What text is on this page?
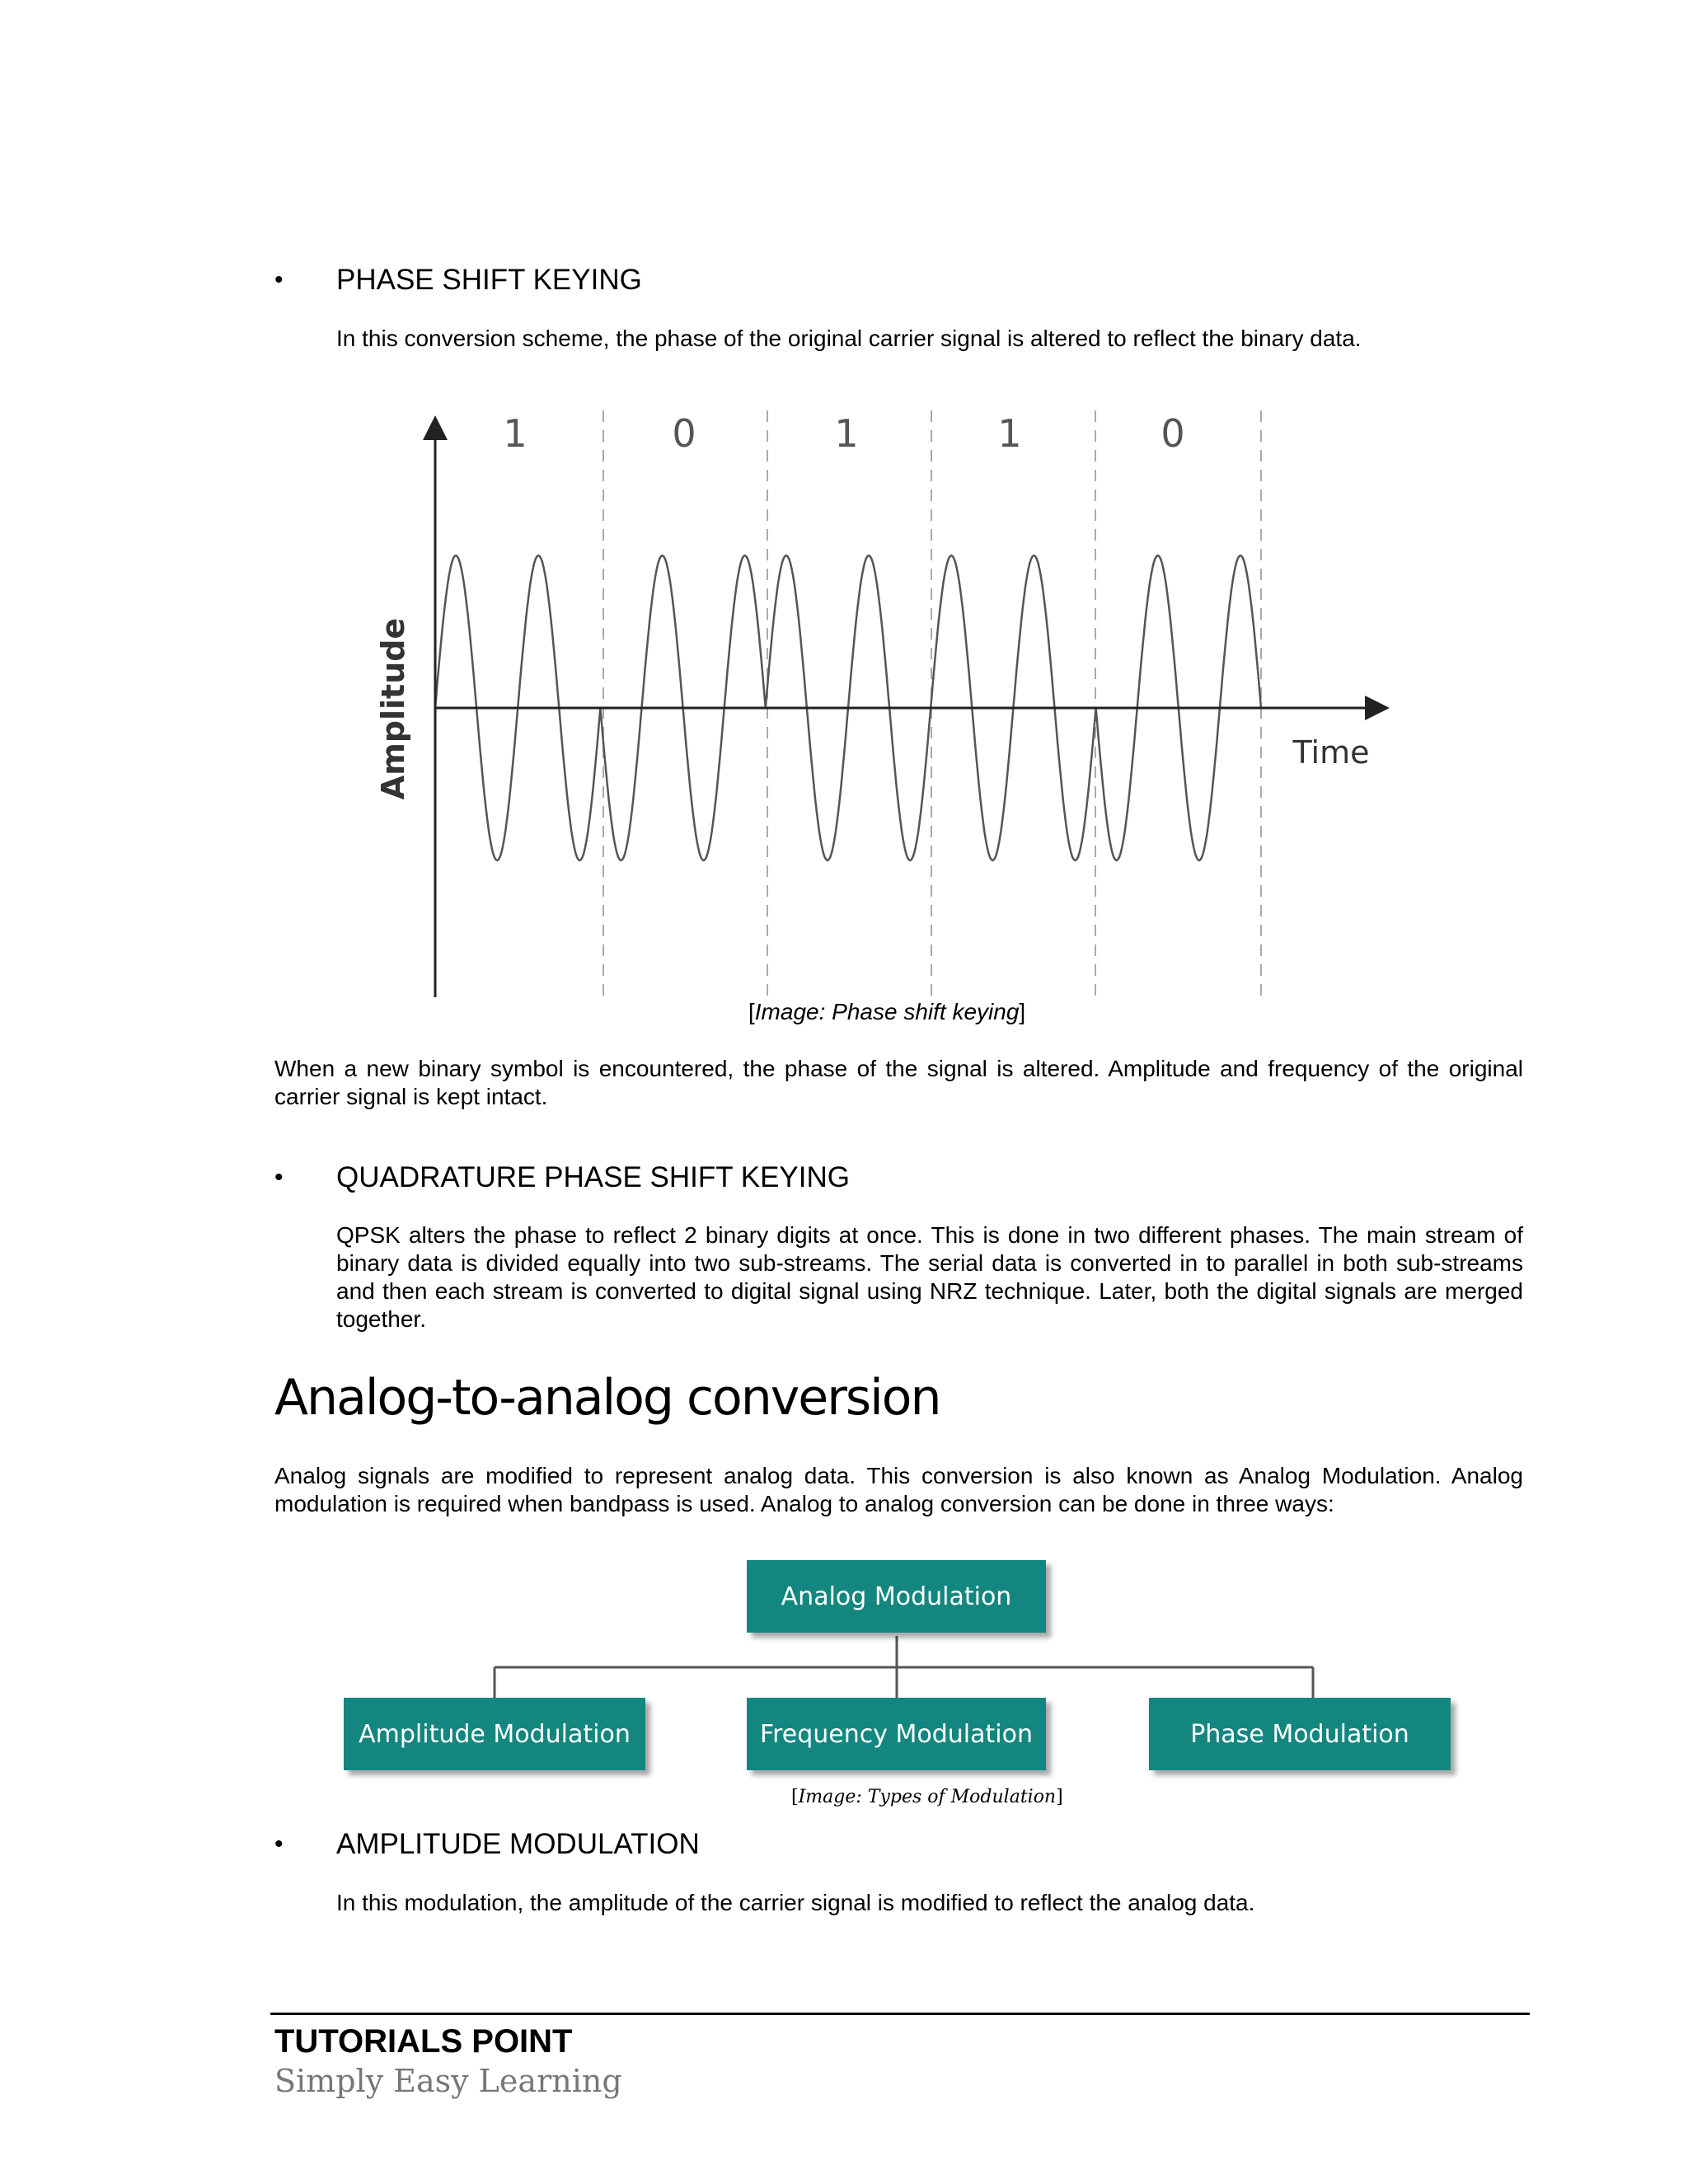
• PHASE SHIFT KEYING
In this conversion scheme, the phase of the original carrier signal is altered to reflect the binary data.
1	0	1	1	0
Time
Amplitude
[Image: Phase shift keying]
When a new binary symbol is encountered, the phase of the signal is altered. Amplitude and frequency of the original carrier signal is kept intact.
• QUADRATURE PHASE SHIFT KEYING
QPSK alters the phase to reflect 2 binary digits at once. This is done in two different phases. The main stream of binary data is divided equally into two sub-streams. The serial data is converted in to parallel in both sub-streams and then each stream is converted to digital signal using NRZ technique. Later, both the digital signals are merged together.
Analog-to-analog conversion
Analog signals are modified to represent analog data. This conversion is also known as Analog Modulation. Analog modulation is required when bandpass is used. Analog to analog conversion can be done in three ways:
Analog Modulation
Amplitude Modulation	Frequency Modulation	Phase Modulation
[Image: Types of Modulation]
• AMPLITUDE MODULATION
In this modulation, the amplitude of the carrier signal is modified to reflect the analog data.
TUTORIALS POINT
Simply Easy Learning
